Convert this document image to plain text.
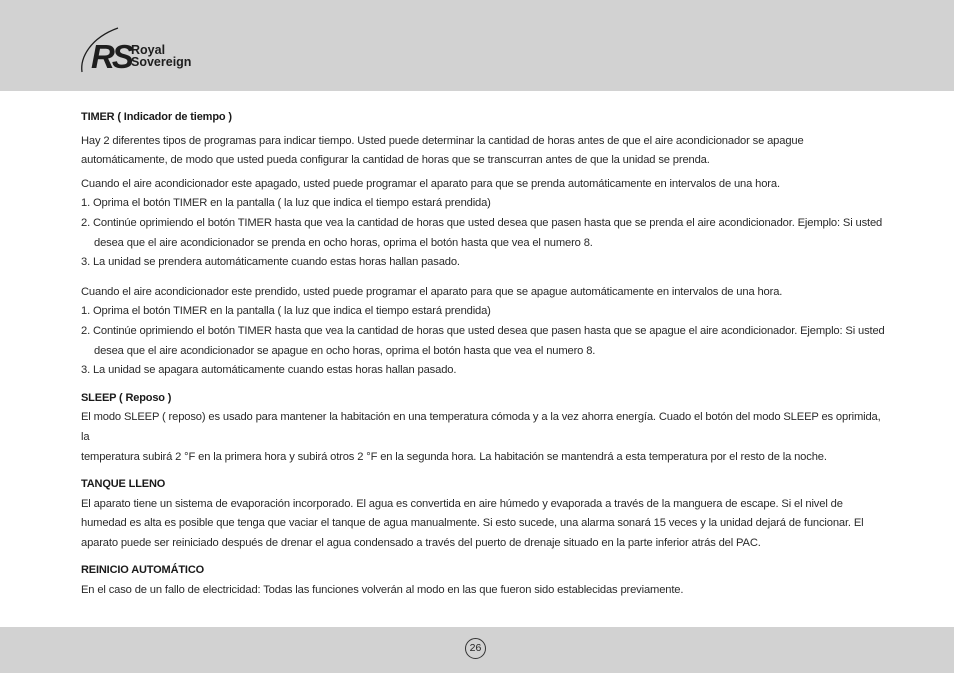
RS Royal
Sovereign

TIMER ( Indicador de tiempo )

Hay 2 diferentes tipos de programas para indicar tiempo. Usted puede determinar la cantidad de horas antes de que el aire acondicionador se apague automáticamente, de modo que usted pueda configurar la cantidad de horas que se transcurran antes de que la unidad se prenda.

Cuando el aire acondicionador este apagado, usted puede programar el aparato para que se prenda automáticamente en intervalos de una hora.

1. Oprima el botón TIMER en la pantalla ( la luz que indica el tiempo estará prendida)

2. Continúe oprimiendo el botón TIMER hasta que vea la cantidad de horas que usted desea que pasen hasta que se prenda el aire acondicionador. Ejemplo: Si usted desea que el aire acondicionador se prenda en ocho horas, oprima el botón hasta que vea el numero 8.

3. La unidad se prendera automáticamente cuando estas horas hallan pasado.

Cuando el aire acondicionador este prendido, usted puede programar el aparato para que se apague automáticamente en intervalos de una hora.

1. Oprima el botón TIMER en la pantalla ( la luz que indica el tiempo estará prendida)

2. Continúe oprimiendo el botón TIMER hasta que vea la cantidad de horas que usted desea que pasen hasta que se apague el aire acondicionador. Ejemplo: Si usted desea que el aire acondicionador se apague en ocho horas, oprima el botón hasta que vea el numero 8.

3. La unidad se apagara automáticamente cuando estas horas hallan pasado.

SLEEP ( Reposo )

El modo SLEEP ( reposo) es usado para mantener la habitación en una temperatura cómoda y a la vez ahorra energía. Cuado el botón del modo SLEEP es oprimida, la

temperatura subirá 2 °F en la primera hora y subirá otros 2 °F en la segunda hora. La habitación se mantendrá a esta temperatura por el resto de la noche.

TANQUE LLENO

El aparato tiene un sistema de evaporación incorporado. El agua es convertida en aire húmedo y evaporada a través de la manguera de escape. Si el nivel de humedad es alta es posible que tenga que vaciar el tanque de agua manualmente. Si esto sucede, una alarma sonará 15 veces y la unidad dejará de funcionar. El aparato puede ser reiniciado después de drenar el agua condensado a través del puerto de drenaje situado en la parte inferior atrás del PAC.

REINICIO AUTOMÁTICO

En el caso de un fallo de electricidad: Todas las funciones volverán al modo en las que fueron sido establecidas previamente.

26
